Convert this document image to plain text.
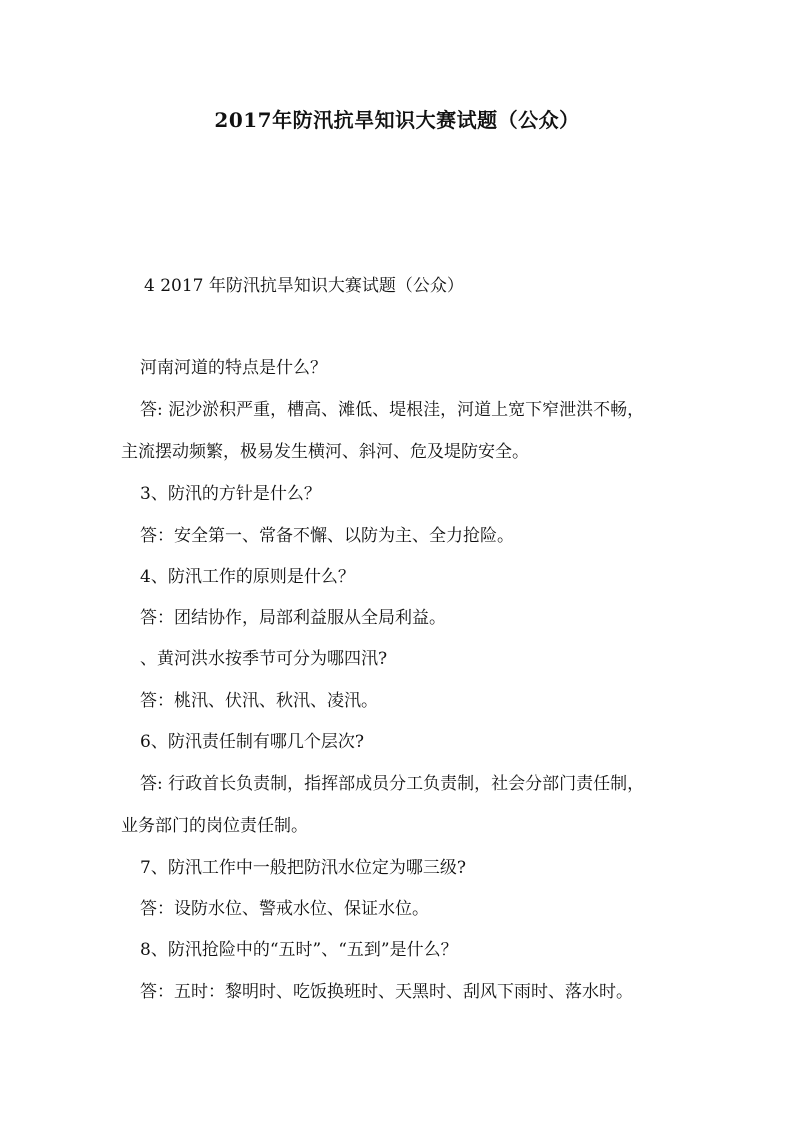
2017年防汛抗旱知识大赛试题（公众）
4 2017 年防汛抗旱知识大赛试题（公众）
河南河道的特点是什么？
答: 泥沙淤积严重，槽高、滩低、堤根洼，河道上宽下窄泄洪不畅，
主流摆动频繁，极易发生横河、斜河、危及堤防安全。
3、防汛的方针是什么？
答：安全第一、常备不懈、以防为主、全力抢险。
4、防汛工作的原则是什么？
答：团结协作，局部利益服从全局利益。
、黄河洪水按季节可分为哪四汛?
答：桃汛、伏汛、秋汛、凌汛。
6、防汛责任制有哪几个层次?
答: 行政首长负责制，指挥部成员分工负责制，社会分部门责任制，
业务部门的岗位责任制。
7、防汛工作中一般把防汛水位定为哪三级?
答：设防水位、警戒水位、保证水位。
8、防汛抢险中的“五时”、“五到”是什么？
答：五时：黎明时、吃饭换班时、天黑时、刮风下雨时、落水时。
